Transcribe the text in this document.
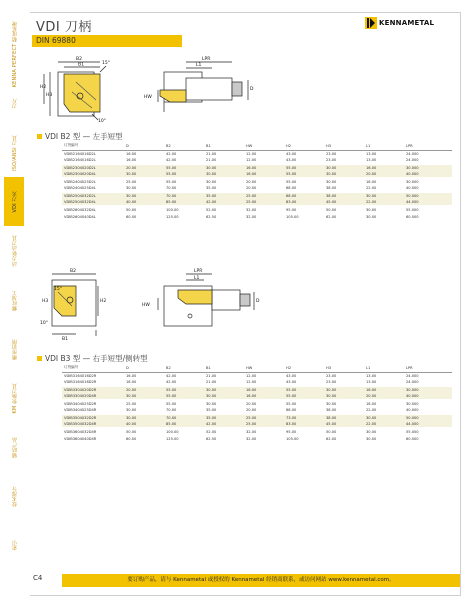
KENNA PERFECT 精度系统
刀片
ISO/ANSI 刀具
VDI 刀夹
动力驱动刀具
螺纹加工
槽形切削
KM 快换刀具
辅助产品
技术部分
索引
VDI 刀柄
DIN 69880
KENNAMETAL
B2
B1	15°
H3
H2
10°
LPR
L1
HW
D
VDI B2 型 — 左手短型
订货编号	D	B2	B1	HW	H2	H3	L1	LPR
VDIB2164016D2L	16.00	42.00	21.00	12.00	43.00	23.00	13.00	24.000
VDIB2164016D2L	16.00	42.00	21.00	12.00	43.00	23.00	13.00	24.000
VDIB2304020D2L	20.00	55.00	30.00	16.00	55.00	30.00	16.00	30.000
VDIB2304020D4L	30.00	55.00	30.00	16.00	55.00	30.00	20.00	40.000
VDIB2404025D2L	25.00	55.00	30.00	20.00	55.00	30.00	16.00	30.000
VDIB2404025D4L	30.00	70.00	35.00	20.00	68.00	38.00	22.00	40.000
VDIB2504032D2L	30.00	70.00	35.00	25.00	68.00	38.00	30.00	50.000
VDIB2504032D4L	40.00	85.00	42.00	25.00	83.00	45.00	22.00	44.000
VDIB2604032D4L	50.00	100.00	52.00	32.00	95.00	50.00	30.00	55.000
VDIB2604040D4L	60.00	125.00	62.50	32.00	105.00	62.00	30.00	60.000
B2
15°
H3
10°
B1
H2
LPR
L1
HW
D
VDI B3 型 — 右手短型/侧转型
订货编号	D	B2	B1	HW	H2	H3	L1	LPR
VDIB3164016D2R	16.00	42.00	21.00	12.00	43.00	23.00	13.00	24.000
VDIB3164016D2R	16.00	42.00	21.00	12.00	43.00	23.00	13.00	24.000
VDIB3304020D2R	20.00	55.00	30.00	16.00	55.00	30.00	16.00	30.000
VDIB3304020D4R	30.00	55.00	30.00	16.00	55.00	30.00	20.00	40.000
VDIB3404025D2R	25.00	55.00	30.00	20.00	55.00	30.00	16.00	30.000
VDIB3404025D4R	30.00	70.00	35.00	20.00	68.00	38.00	22.00	40.000
VDIB3504032D2R	30.00	70.00	35.00	25.00	73.00	38.00	30.00	50.000
VDIB3504032D4R	40.00	85.00	42.00	25.00	83.00	45.00	22.00	44.000
VDIB3604032D4R	50.00	100.00	52.00	32.00	95.00	50.00	30.00	55.000
VDIB3604040D4R	60.00	125.00	62.50	32.00	105.00	62.00	30.00	60.000
C4	要订购产品，请与 Kennametal 或授权的 Kennametal 经销商联系，或访问网站 www.kennametal.com。
